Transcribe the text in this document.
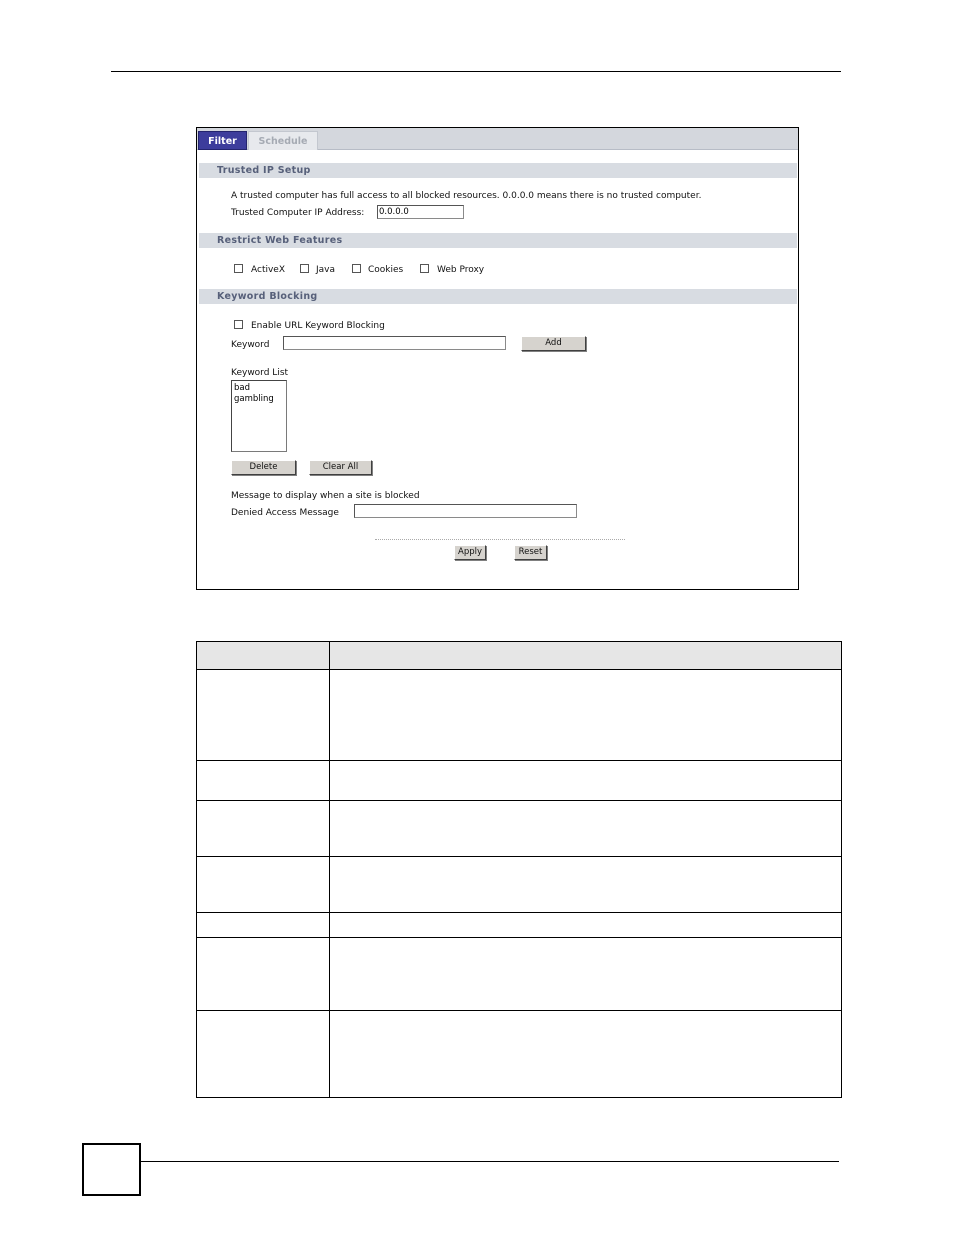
Filter	Schedule
Trusted IP Setup
A trusted computer has full access to all blocked resources. 0.0.0.0 means there is no trusted computer.
Trusted Computer IP Address: 0.0.0.0
Restrict Web Features
ActiveX	Java	Cookies	Web Proxy
Keyword Blocking
Enable URL Keyword Blocking
Keyword	Add
Keyword List
bad
gambling
Delete	Clear All
Message to display when a site is blocked
Denied Access Message
Apply	Reset
